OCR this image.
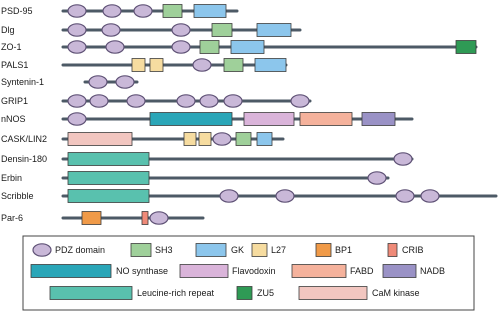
PSD-95
Dlg
ZO-1
PALS1
Syntenin-1
GRIP1
nNOS
CASK/LIN2
Densin-180
Erbin
Scribble
Par-6
PDZ domain	SH3	GK	L27	BP1	CRIB
NO synthase	Flavodoxin	FABD	NADB
Leucine-rich repeat	ZU5	CaM kinase
